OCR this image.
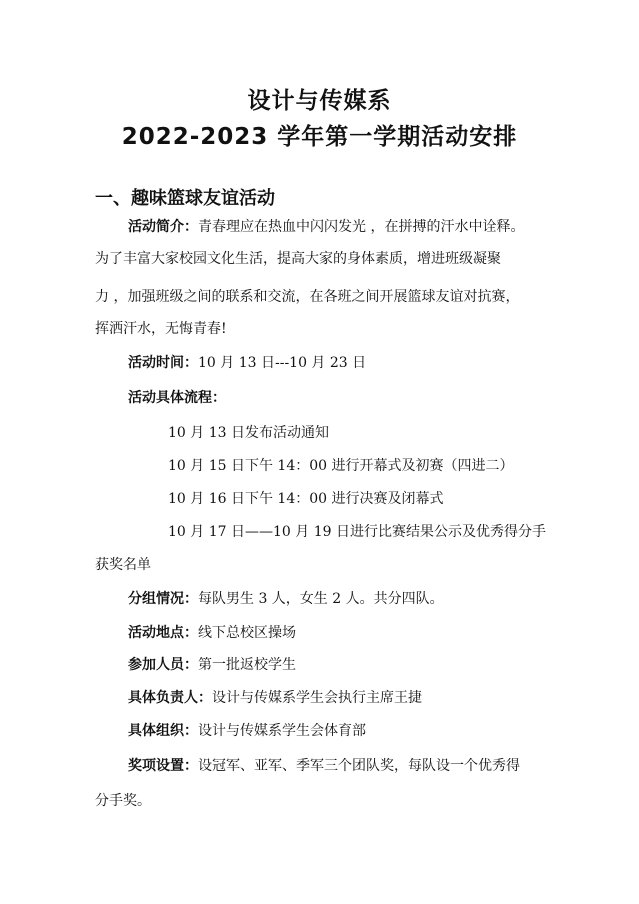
设计与传媒系
2022-2023 学年第一学期活动安排
一、趣味篮球友谊活动
活动简介：青春理应在热血中闪闪发光 ，在拼搏的汗水中诠释。
为了丰富大家校园文化生活，提高大家的身体素质，增进班级凝聚
力 ，加强班级之间的联系和交流，在各班之间开展篮球友谊对抗赛，
挥洒汗水，无悔青春!
活动时间：10 月 13 日---10 月 23 日
活动具体流程：
10 月 13 日发布活动通知
10 月 15 日下午 14：00 进行开幕式及初赛（四进二）
10 月 16 日下午 14：00 进行决赛及闭幕式
10 月 17 日——10 月 19 日进行比赛结果公示及优秀得分手
获奖名单
分组情况：每队男生 3 人，女生 2 人。共分四队。
活动地点：线下总校区操场
参加人员：第一批返校学生
具体负责人：设计与传媒系学生会执行主席王捷
具体组织：设计与传媒系学生会体育部
奖项设置：设冠军、亚军、季军三个团队奖，每队设一个优秀得
分手奖。
